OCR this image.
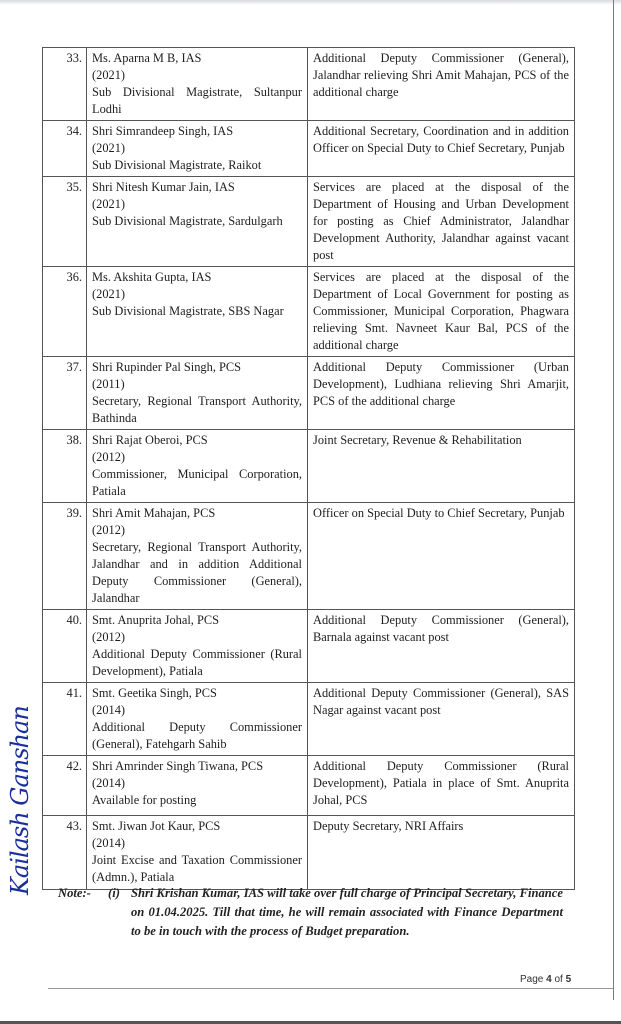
33.	Ms. Aparna M B, IAS
(2021)
Sub Divisional Magistrate, Sultanpur Lodhi	Additional Deputy Commissioner (General), Jalandhar relieving Shri Amit Mahajan, PCS of the additional charge
34.	Shri Simrandeep Singh, IAS
(2021)
Sub Divisional Magistrate, Raikot	Additional Secretary, Coordination and in addition Officer on Special Duty to Chief Secretary, Punjab
35.	Shri Nitesh Kumar Jain, IAS
(2021)
Sub Divisional Magistrate, Sardulgarh	Services are placed at the disposal of the Department of Housing and Urban Development for posting as Chief Administrator, Jalandhar Development Authority, Jalandhar against vacant post
36.	Ms. Akshita Gupta, IAS
(2021)
Sub Divisional Magistrate, SBS Nagar	Services are placed at the disposal of the Department of Local Government for posting as Commissioner, Municipal Corporation, Phagwara relieving Smt. Navneet Kaur Bal, PCS of the additional charge
37.	Shri Rupinder Pal Singh, PCS
(2011)
Secretary, Regional Transport Authority, Bathinda	Additional Deputy Commissioner (Urban Development), Ludhiana relieving Shri Amarjit, PCS of the additional charge
38.	Shri Rajat Oberoi, PCS
(2012)
Commissioner, Municipal Corporation, Patiala	Joint Secretary, Revenue & Rehabilitation
39.	Shri Amit Mahajan, PCS
(2012)
Secretary, Regional Transport Authority, Jalandhar and in addition Additional Deputy Commissioner (General), Jalandhar	Officer on Special Duty to Chief Secretary, Punjab
40.	Smt. Anuprita Johal, PCS
(2012)
Additional Deputy Commissioner (Rural Development), Patiala	Additional Deputy Commissioner (General), Barnala against vacant post
41.	Smt. Geetika Singh, PCS
(2014)
Additional Deputy Commissioner (General), Fatehgarh Sahib	Additional Deputy Commissioner (General), SAS Nagar against vacant post
42.	Shri Amrinder Singh Tiwana, PCS
(2014)
Available for posting	Additional Deputy Commissioner (Rural Development), Patiala in place of Smt. Anuprita Johal, PCS
43.	Smt. Jiwan Jot Kaur, PCS
(2014)
Joint Excise and Taxation Commissioner (Admn.), Patiala	Deputy Secretary, NRI Affairs
Kailash Ganshan	Note:- (i) Shri Krishan Kumar, IAS will take over full charge of Principal Secretary, Finance on 01.04.2025. Till that time, he will remain associated with Finance Department to be in touch with the process of Budget preparation.
Page 4 of 5
